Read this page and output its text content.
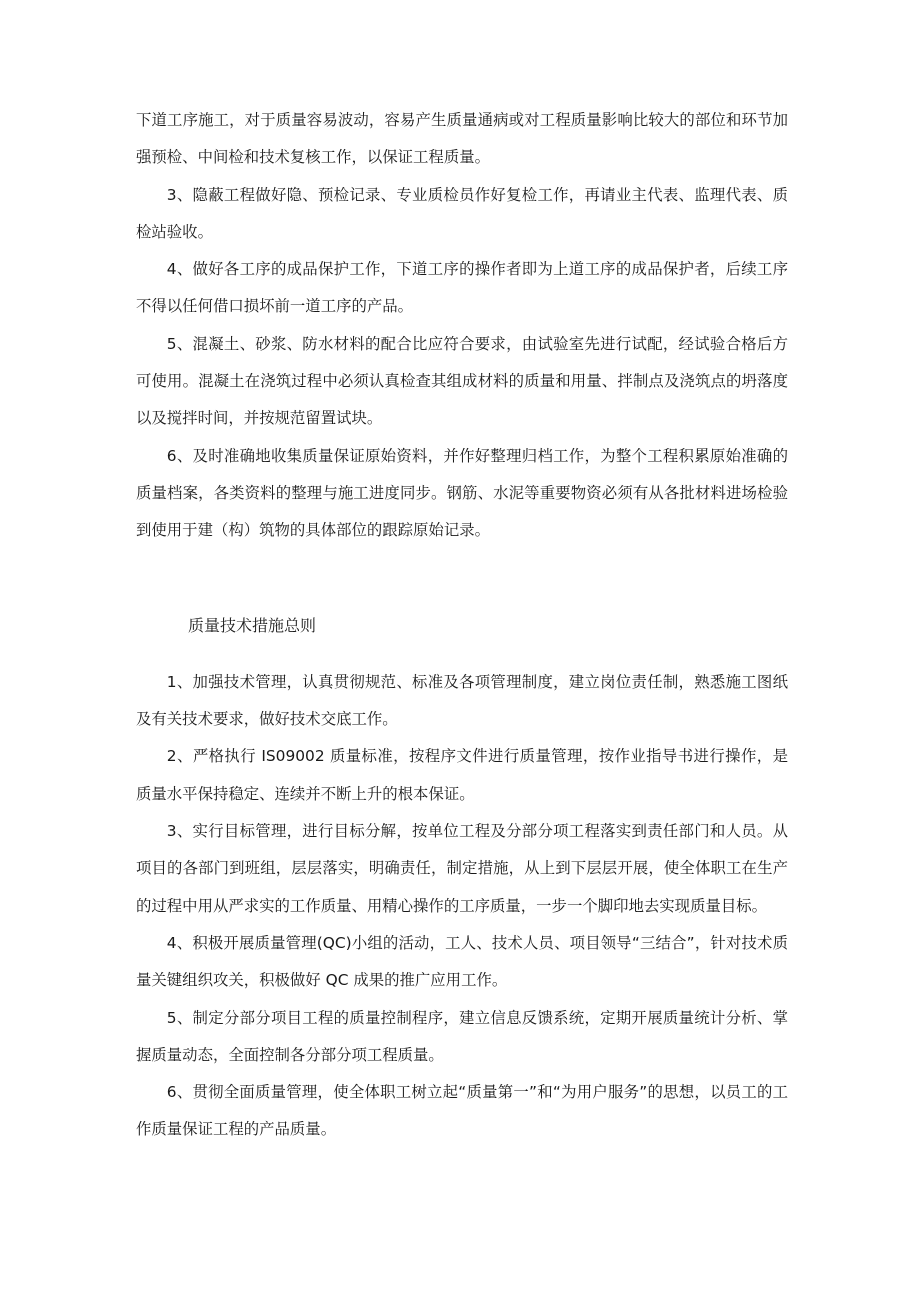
下道工序施工，对于质量容易波动，容易产生质量通病或对工程质量影响比较大的部位和环节加强预检、中间检和技术复核工作，以保证工程质量。

3、隐蔽工程做好隐、预检记录、专业质检员作好复检工作，再请业主代表、监理代表、质检站验收。

4、做好各工序的成品保护工作，下道工序的操作者即为上道工序的成品保护者，后续工序不得以任何借口损坏前一道工序的产品。

5、混凝土、砂浆、防水材料的配合比应符合要求，由试验室先进行试配，经试验合格后方可使用。混凝土在浇筑过程中必须认真检查其组成材料的质量和用量、拌制点及浇筑点的坍落度以及搅拌时间，并按规范留置试块。

6、及时准确地收集质量保证原始资料，并作好整理归档工作，为整个工程积累原始准确的质量档案，各类资料的整理与施工进度同步。钢筋、水泥等重要物资必须有从各批材料进场检验到使用于建（构）筑物的具体部位的跟踪原始记录。

质量技术措施总则

1、加强技术管理，认真贯彻规范、标准及各项管理制度，建立岗位责任制，熟悉施工图纸及有关技术要求，做好技术交底工作。

2、严格执行 IS09002 质量标准，按程序文件进行质量管理，按作业指导书进行操作，是质量水平保持稳定、连续并不断上升的根本保证。

3、实行目标管理，进行目标分解，按单位工程及分部分项工程落实到责任部门和人员。从项目的各部门到班组，层层落实，明确责任，制定措施，从上到下层层开展，使全体职工在生产的过程中用从严求实的工作质量、用精心操作的工序质量，一步一个脚印地去实现质量目标。

4、积极开展质量管理(QC)小组的活动，工人、技术人员、项目领导“三结合”，针对技术质量关键组织攻关，积极做好 QC 成果的推广应用工作。

5、制定分部分项目工程的质量控制程序，建立信息反馈系统，定期开展质量统计分析、掌握质量动态，全面控制各分部分项工程质量。

6、贯彻全面质量管理，使全体职工树立起“质量第一”和“为用户服务”的思想，以员工的工作质量保证工程的产品质量。
